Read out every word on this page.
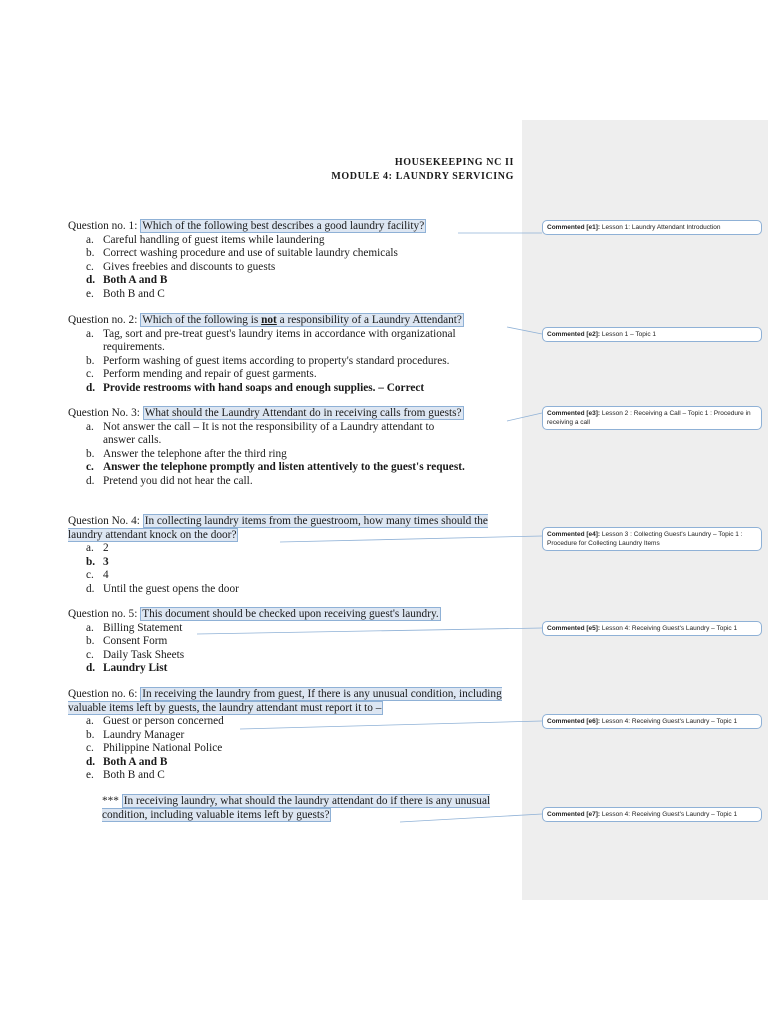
HOUSEKEEPING NC II
MODULE 4: LAUNDRY SERVICING
Question no. 1: Which of the following best describes a good laundry facility?
a. Careful handling of guest items while laundering
b. Correct washing procedure and use of suitable laundry chemicals
c. Gives freebies and discounts to guests
d. Both A and B
e. Both B and C
Question no. 2: Which of the following is not a responsibility of a Laundry Attendant?
a. Tag, sort and pre-treat guest's laundry items in accordance with organizational requirements.
b. Perform washing of guest items according to property's standard procedures.
c. Perform mending and repair of guest garments.
d. Provide restrooms with hand soaps and enough supplies. – Correct
Question No. 3: What should the Laundry Attendant do in receiving calls from guests?
a. Not answer the call – It is not the responsibility of a Laundry attendant to answer calls.
b. Answer the telephone after the third ring
c. Answer the telephone promptly and listen attentively to the guest's request.
d. Pretend you did not hear the call.
Question No. 4: In collecting laundry items from the guestroom, how many times should the laundry attendant knock on the door?
a. 2
b. 3
c. 4
d. Until the guest opens the door
Question no. 5: This document should be checked upon receiving guest's laundry.
a. Billing Statement
b. Consent Form
c. Daily Task Sheets
d. Laundry List
Question no. 6: In receiving the laundry from guest, If there is any unusual condition, including valuable items left by guests, the laundry attendant must report it to –
a. Guest or person concerned
b. Laundry Manager
c. Philippine National Police
d. Both A and B
e. Both B and C
*** In receiving laundry, what should the laundry attendant do if there is any unusual condition, including valuable items left by guests?
Commented [e1]: Lesson 1: Laundry Attendant Introduction
Commented [e2]: Lesson 1 – Topic 1
Commented [e3]: Lesson 2 : Receiving a Call – Topic 1 : Procedure in receiving a call
Commented [e4]: Lesson 3 : Collecting Guest's Laundry – Topic 1 : Procedure for Collecting Laundry Items
Commented [e5]: Lesson 4: Receiving Guest's Laundry – Topic 1
Commented [e6]: Lesson 4: Receiving Guest's Laundry – Topic 1
Commented [e7]: Lesson 4: Receiving Guest's Laundry – Topic 1
